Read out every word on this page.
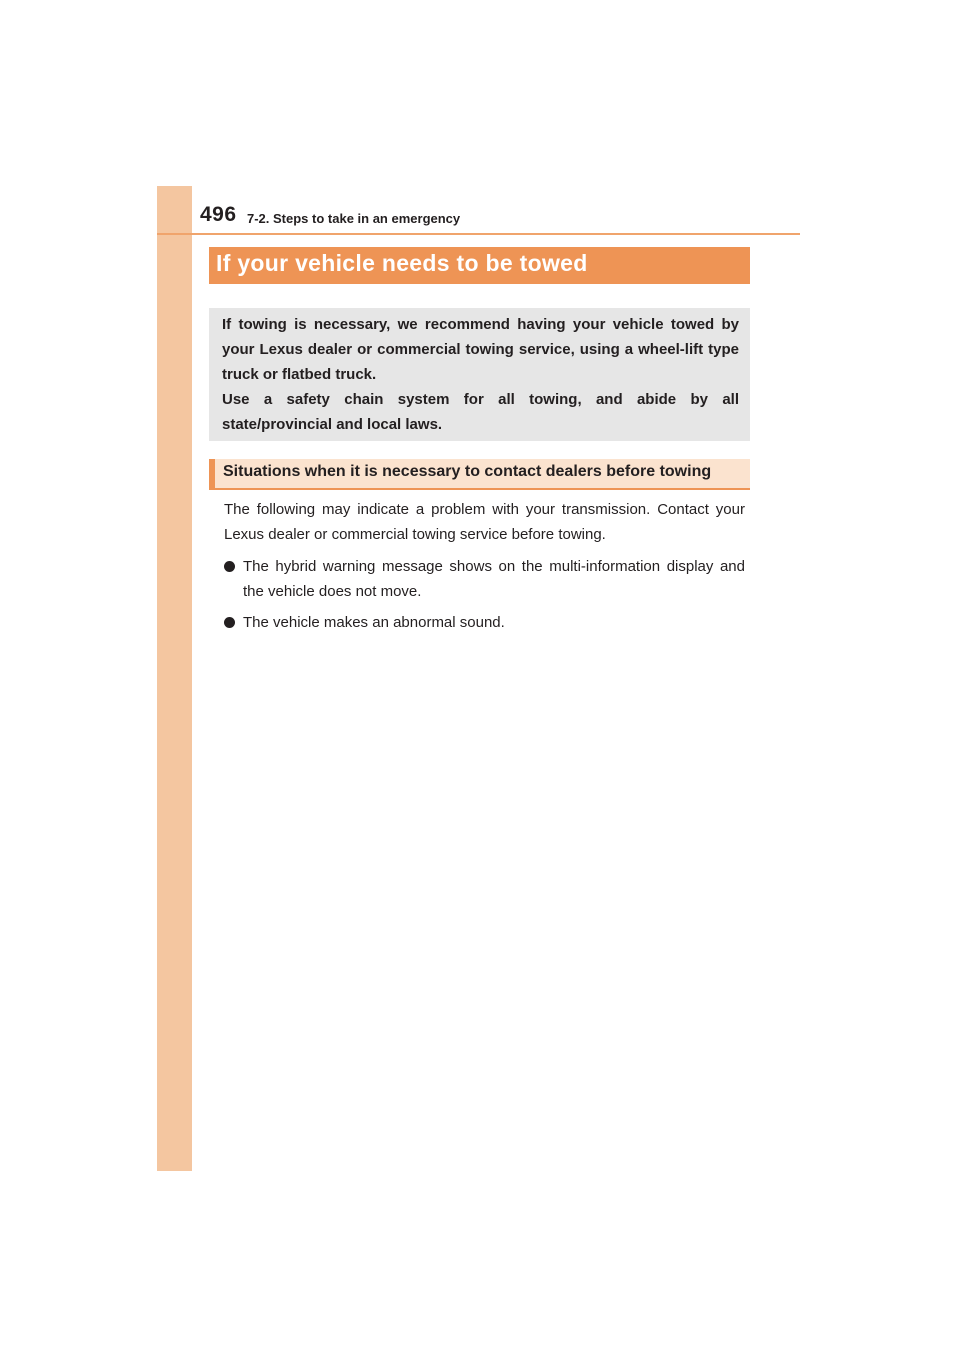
496 7-2. Steps to take in an emergency
If your vehicle needs to be towed

If towing is necessary, we recommend having your vehicle towed by your Lexus dealer or commercial towing service, using a wheel-lift type truck or flatbed truck.
Use a safety chain system for all towing, and abide by all state/provincial and local laws.

Situations when it is necessary to contact dealers before towing

The following may indicate a problem with your transmission. Contact your Lexus dealer or commercial towing service before towing.

The hybrid warning message shows on the multi-information display and the vehicle does not move.
The vehicle makes an abnormal sound.
